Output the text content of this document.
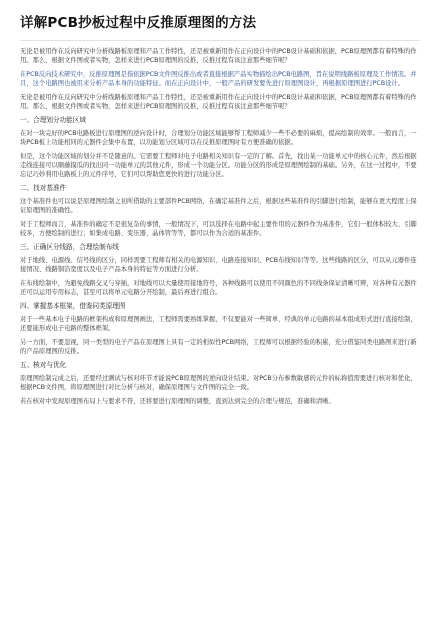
详解PCB抄板过程中反推原理图的方法

无论是被用作在反向研究中分析线路板原理和产品工作特性，还是被重新用作在正向设计中的PCB设计基础和依据，PCB原理图都有着特殊的作用。那么，根据文件图或者实物，怎样来进行PCB原理图的反推，反推过程有该注意那些细节呢？

在PCB反向技术研究中，反推原理图是指依据PCB文件图反推出或者直接根据产品实物描绘出PCB电路图，旨在说明线路板原理及工作情况。并且，这个电路图也被用来分析产品本身的功能特征。而在正向设计中，一般产品的研发要先进行原理图设计，再根据原理图进行PCB设计。

无论是被用作在反向研究中分析线路板原理和产品工作特性，还是被重新用作在正向设计中的PCB设计基础和依据，PCB原理图都有着特殊的作用。那么，根据文件图或者实物，怎样来进行PCB原理图的反推，反推过程有该注意那些细节呢？

一、合理划分功能区域

在对一块完好的PCB电路板进行原理图的逆向设计时，合理划分功能区域能够帮工程师减少一些不必要的麻烦，提高绘制的效率。一般而言，一块PCB板上功能相同的元器件会集中布置，以功能划分区域可以在反推原理图时有方便准确的依据。

但是，这个功能区域的划分并不是随意的。它需要工程师对电子电路相关知识有一定的了解。首先，找出某一功能单元中的核心元件，然后根据走线连接可以顺藤摸瓜的找出同一功能单元的其他元件，形成一个功能分区。功能分区的形成是原理图绘制的基础。另外，在这一过程中，不要忘记巧妙利用电路板上的元件序号，它们可以帮助您更快的进行功能分区。

二、找对基准件

这个基准件也可以说是原理图绘制之初所借助的主要部件PCB网络，在确定基准件之后，根据这些基准件的引脚进行绘制，能够在更大程度上保证原理图的准确性。

对于工程师而言，基准件的确定不是很复杂的事情，一般情况下，可以选择在电路中起主要作用的元器件作为基准件，它们一般体积较大、引脚较多，方便绘制的进行；如集成电路、变压器、晶体管等等，都可以作为合适的基准件。

三、正确区分线路，合理绘制布线

对于地线、电源线、信号线的区分，同样需要工程师有相关的电源知识、电路连接知识、PCB布线知识等等。这些线路的区分，可以从元器件连接情况、线路铜箔宽度以及电子产品本身的特征等方面进行分析。

在布线绘制中，为避免线路交叉与穿插，对地线可以大量使用接地符号，各种线路可以使用不同颜色的不同线条保证清晰可辨，对各种有元器件还可以运用专用标志，甚至可以将单元电路分开绘制，最后再进行组合。

四、掌握基本框架，借鉴同类原理图

对于一些基本电子电路的框架构成和原理图画法，工程师需要熟练掌握，不仅要能对一些简单、经典的单元电路的基本组成形式进行直接绘制，还要能形成电子电路的整体框架。

另一方面，不要忽视，同一类型的电子产品在原理图上具有一定的相似性PCB网络，工程师可以根据经验的积累，充分借鉴同类电路图来进行新的产品原理图的反推。

五、核对与优化

原理图绘制完成之后，还要经过测试与核对环节才能说PCB原理图的逆向设计结束。对PCB分布参数敏感的元件的标称值需要进行核对和优化，根据PCB文件图，将原理图进行对比分析与核对，确保原理图与文件图的完全一致。

若在核对中发现原理图布局上与要求不符，还将要进行原理图的调整，直到达到完全的合理与规范，准确和清晰。
